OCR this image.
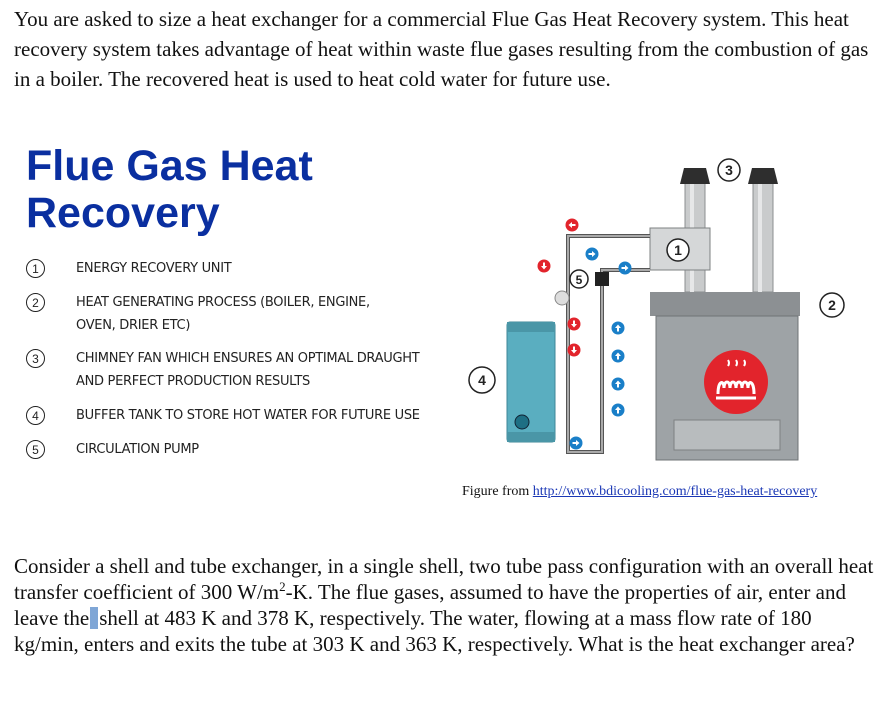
You are asked to size a heat exchanger for a commercial Flue Gas Heat Recovery system. This heat recovery system takes advantage of heat within waste flue gases resulting from the combustion of gas in a boiler. The recovered heat is used to heat cold water for future use.

Flue Gas Heat
Recovery
1	ENERGY RECOVERY UNIT
2	HEAT GENERATING PROCESS (BOILER, ENGINE, OVEN, DRIER ETC)
3	CHIMNEY FAN WHICH ENSURES AN OPTIMAL DRAUGHT AND PERFECT PRODUCTION RESULTS
4	BUFFER TANK TO STORE HOT WATER FOR FUTURE USE
5	CIRCULATION PUMP
3
1
2
5
4
Figure from http://www.bdicooling.com/flue-gas-heat-recovery

Consider a shell and tube exchanger, in a single shell, two tube pass configuration with an overall heat transfer coefficient of 300 $W/m^2-K$. The flue gases, assumed to have the properties of air, enter and leave the shell at 483 K and 378 K, respectively. The water, flowing at a mass flow rate of 180 kg/min, enters and exits the tube at 303 K and 363 K, respectively. What is the heat exchanger area?
